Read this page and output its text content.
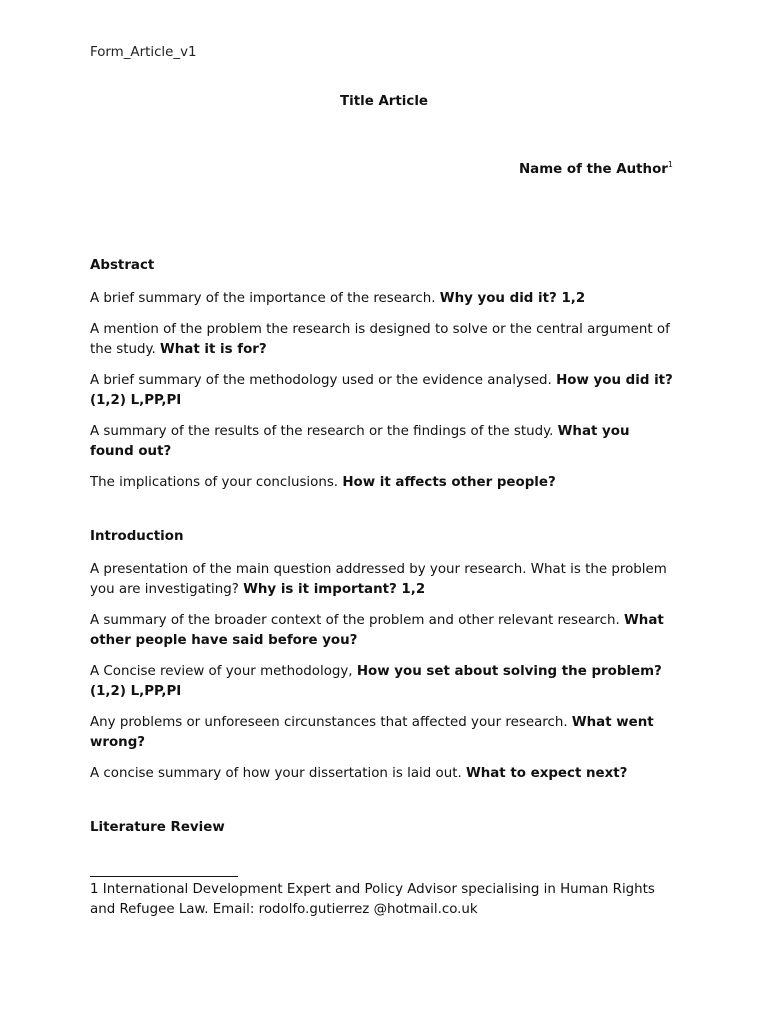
Form_Article_v1
Title Article
Name of the Author$^1$
Abstract

A brief summary of the importance of the research. Why you did it? 1,2

A mention of the problem the research is designed to solve or the central argument of the study. What it is for?

A brief summary of the methodology used or the evidence analysed. How you did it? (1,2) L,PP,PI

A summary of the results of the research or the findings of the study. What you found out?

The implications of your conclusions. How it affects other people?

Introduction

A presentation of the main question addressed by your research. What is the problem you are investigating? Why is it important? 1,2

A summary of the broader context of the problem and other relevant research. What other people have said before you?

A Concise review of your methodology, How you set about solving the problem? (1,2) L,PP,PI

Any problems or unforeseen circunstances that affected your research. What went wrong?

A concise summary of how your dissertation is laid out. What to expect next?

Literature Review
1 International Development Expert and Policy Advisor specialising in Human Rights and Refugee Law. Email: rodolfo.gutierrez @hotmail.co.uk
